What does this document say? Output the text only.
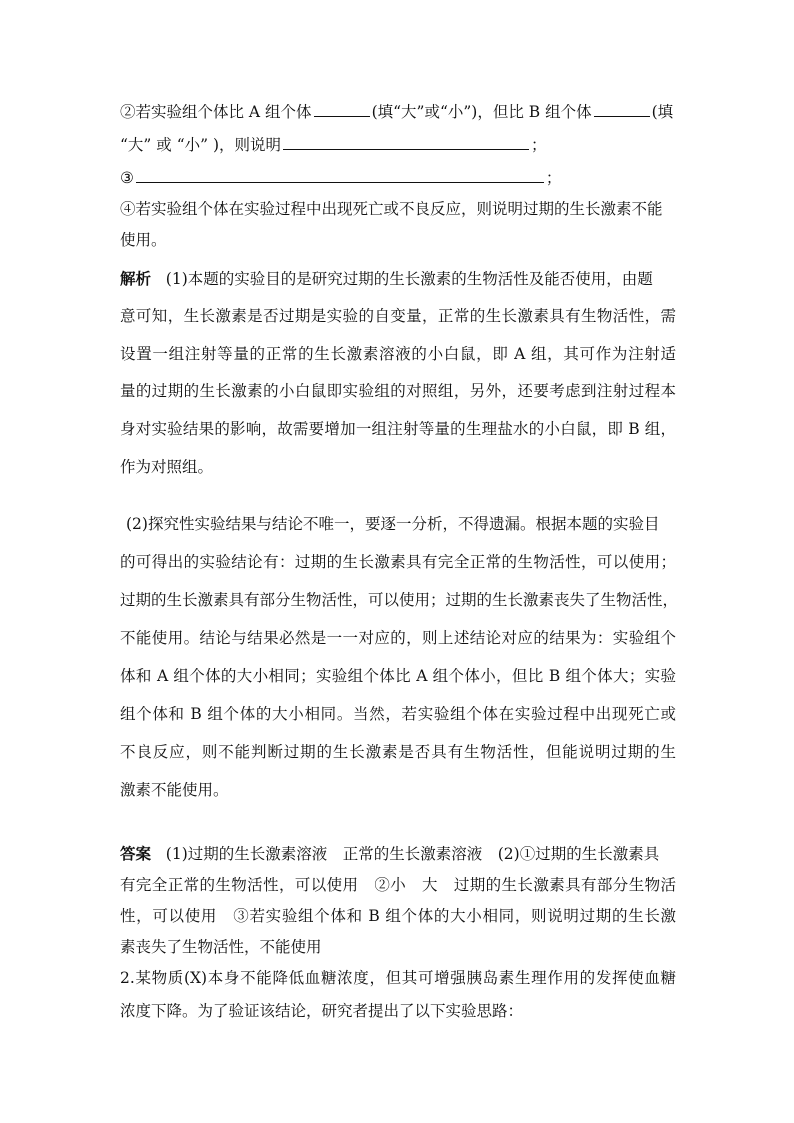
②若实验组个体比 A 组个体	(填“大”或“小”)，但比 B 组个体	(填
“大” 或 “小” )，则说明	；
③	；
④若实验组个体在实验过程中出现死亡或不良反应，则说明过期的生长激素不能
使用。
解析 (1)本题的实验目的是研究过期的生长激素的生物活性及能否使用，由题
意可知，生长激素是否过期是实验的自变量，正常的生长激素具有生物活性，需
设置一组注射等量的正常的生长激素溶液的小白鼠，即 A 组，其可作为注射适
量的过期的生长激素的小白鼠即实验组的对照组，另外，还要考虑到注射过程本
身对实验结果的影响，故需要增加一组注射等量的生理盐水的小白鼠，即 B 组，
作为对照组。
(2)探究性实验结果与结论不唯一，要逐一分析，不得遗漏。根据本题的实验目
的可得出的实验结论有：过期的生长激素具有完全正常的生物活性，可以使用；
过期的生长激素具有部分生物活性，可以使用；过期的生长激素丧失了生物活性，
不能使用。结论与结果必然是一一对应的，则上述结论对应的结果为：实验组个
体和 A 组个体的大小相同；实验组个体比 A 组个体小，但比 B 组个体大；实验
组个体和 B 组个体的大小相同。当然，若实验组个体在实验过程中出现死亡或
不良反应，则不能判断过期的生长激素是否具有生物活性，但能说明过期的生
激素不能使用。
答案 (1)过期的生长激素溶液　正常的生长激素溶液　(2)①过期的生长激素具
有完全正常的生物活性，可以使用　②小　大　过期的生长激素具有部分生物活
性，可以使用　③若实验组个体和 B 组个体的大小相同，则说明过期的生长激
素丧失了生物活性，不能使用
2.某物质(X)本身不能降低血糖浓度，但其可增强胰岛素生理作用的发挥使血糖
浓度下降。为了验证该结论，研究者提出了以下实验思路：
